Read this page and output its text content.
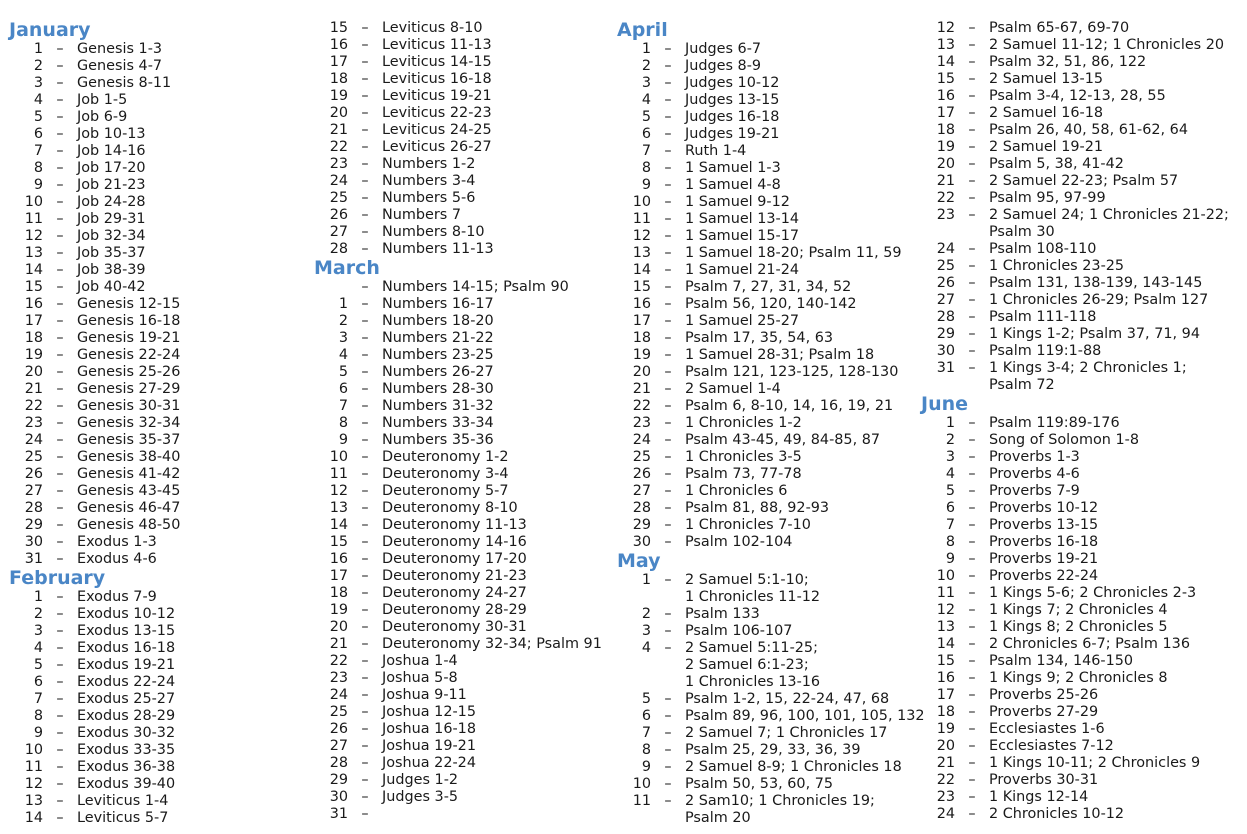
January
1 – Genesis 1-3
2 – Genesis 4-7
3 – Genesis 8-11
4 – Job 1-5
5 – Job 6-9
6 – Job 10-13
7 – Job 14-16
8 – Job 17-20
9 – Job 21-23
10 – Job 24-28
11 – Job 29-31
12 – Job 32-34
13 – Job 35-37
14 – Job 38-39
15 – Job 40-42
16 – Genesis 12-15
17 – Genesis 16-18
18 – Genesis 19-21
19 – Genesis 22-24
20 – Genesis 25-26
21 – Genesis 27-29
22 – Genesis 30-31
23 – Genesis 32-34
24 – Genesis 35-37
25 – Genesis 38-40
26 – Genesis 41-42
27 – Genesis 43-45
28 – Genesis 46-47
29 – Genesis 48-50
30 – Exodus 1-3
31 – Exodus 4-6
February
1 – Exodus 7-9
2 – Exodus 10-12
3 – Exodus 13-15
4 – Exodus 16-18
5 – Exodus 19-21
6 – Exodus 22-24
7 – Exodus 25-27
8 – Exodus 28-29
9 – Exodus 30-32
10 – Exodus 33-35
11 – Exodus 36-38
12 – Exodus 39-40
13 – Leviticus 1-4
14 – Leviticus 5-7
15 – Leviticus 8-10
16 – Leviticus 11-13
17 – Leviticus 14-15
18 – Leviticus 16-18
19 – Leviticus 19-21
20 – Leviticus 22-23
21 – Leviticus 24-25
22 – Leviticus 26-27
23 – Numbers 1-2
24 – Numbers 3-4
25 – Numbers 5-6
26 – Numbers 7
27 – Numbers 8-10
28 – Numbers 11-13
March
– Numbers 14-15; Psalm 90
1 – Numbers 16-17
2 – Numbers 18-20
3 – Numbers 21-22
4 – Numbers 23-25
5 – Numbers 26-27
6 – Numbers 28-30
7 – Numbers 31-32
8 – Numbers 33-34
9 – Numbers 35-36
10 – Deuteronomy 1-2
11 – Deuteronomy 3-4
12 – Deuteronomy 5-7
13 – Deuteronomy 8-10
14 – Deuteronomy 11-13
15 – Deuteronomy 14-16
16 – Deuteronomy 17-20
17 – Deuteronomy 21-23
18 – Deuteronomy 24-27
19 – Deuteronomy 28-29
20 – Deuteronomy 30-31
21 – Deuteronomy 32-34; Psalm 91
22 – Joshua 1-4
23 – Joshua 5-8
24 – Joshua 9-11
25 – Joshua 12-15
26 – Joshua 16-18
27 – Joshua 19-21
28 – Joshua 22-24
29 – Judges 1-2
30 – Judges 3-5
31 –
April
1 – Judges 6-7
2 – Judges 8-9
3 – Judges 10-12
4 – Judges 13-15
5 – Judges 16-18
6 – Judges 19-21
7 – Ruth 1-4
8 – 1 Samuel 1-3
9 – 1 Samuel 4-8
10 – 1 Samuel 9-12
11 – 1 Samuel 13-14
12 – 1 Samuel 15-17
13 – 1 Samuel 18-20; Psalm 11, 59
14 – 1 Samuel 21-24
15 – Psalm 7, 27, 31, 34, 52
16 – Psalm 56, 120, 140-142
17 – 1 Samuel 25-27
18 – Psalm 17, 35, 54, 63
19 – 1 Samuel 28-31; Psalm 18
20 – Psalm 121, 123-125, 128-130
21 – 2 Samuel 1-4
22 – Psalm 6, 8-10, 14, 16, 19, 21
23 – 1 Chronicles 1-2
24 – Psalm 43-45, 49, 84-85, 87
25 – 1 Chronicles 3-5
26 – Psalm 73, 77-78
27 – 1 Chronicles 6
28 – Psalm 81, 88, 92-93
29 – 1 Chronicles 7-10
30 – Psalm 102-104
May
1 – 2 Samuel 5:1-10;
1 Chronicles 11-12
2 – Psalm 133
3 – Psalm 106-107
4 – 2 Samuel 5:11-25;
2 Samuel 6:1-23;
1 Chronicles 13-16
5 – Psalm 1-2, 15, 22-24, 47, 68
6 – Psalm 89, 96, 100, 101, 105, 132
7 – 2 Samuel 7; 1 Chronicles 17
8 – Psalm 25, 29, 33, 36, 39
9 – 2 Samuel 8-9; 1 Chronicles 18
10 – Psalm 50, 53, 60, 75
11 – 2 Sam10; 1 Chronicles 19;
Psalm 20
12 – Psalm 65-67, 69-70
13 – 2 Samuel 11-12; 1 Chronicles 20
14 – Psalm 32, 51, 86, 122
15 – 2 Samuel 13-15
16 – Psalm 3-4, 12-13, 28, 55
17 – 2 Samuel 16-18
18 – Psalm 26, 40, 58, 61-62, 64
19 – 2 Samuel 19-21
20 – Psalm 5, 38, 41-42
21 – 2 Samuel 22-23; Psalm 57
22 – Psalm 95, 97-99
23 – 2 Samuel 24; 1 Chronicles 21-22;
Psalm 30
24 – Psalm 108-110
25 – 1 Chronicles 23-25
26 – Psalm 131, 138-139, 143-145
27 – 1 Chronicles 26-29; Psalm 127
28 – Psalm 111-118
29 – 1 Kings 1-2; Psalm 37, 71, 94
30 – Psalm 119:1-88
31 – 1 Kings 3-4; 2 Chronicles 1;
Psalm 72
June
1 – Psalm 119:89-176
2 – Song of Solomon 1-8
3 – Proverbs 1-3
4 – Proverbs 4-6
5 – Proverbs 7-9
6 – Proverbs 10-12
7 – Proverbs 13-15
8 – Proverbs 16-18
9 – Proverbs 19-21
10 – Proverbs 22-24
11 – 1 Kings 5-6; 2 Chronicles 2-3
12 – 1 Kings 7; 2 Chronicles 4
13 – 1 Kings 8; 2 Chronicles 5
14 – 2 Chronicles 6-7; Psalm 136
15 – Psalm 134, 146-150
16 – 1 Kings 9; 2 Chronicles 8
17 – Proverbs 25-26
18 – Proverbs 27-29
19 – Ecclesiastes 1-6
20 – Ecclesiastes 7-12
21 – 1 Kings 10-11; 2 Chronicles 9
22 – Proverbs 30-31
23 – 1 Kings 12-14
24 – 2 Chronicles 10-12
